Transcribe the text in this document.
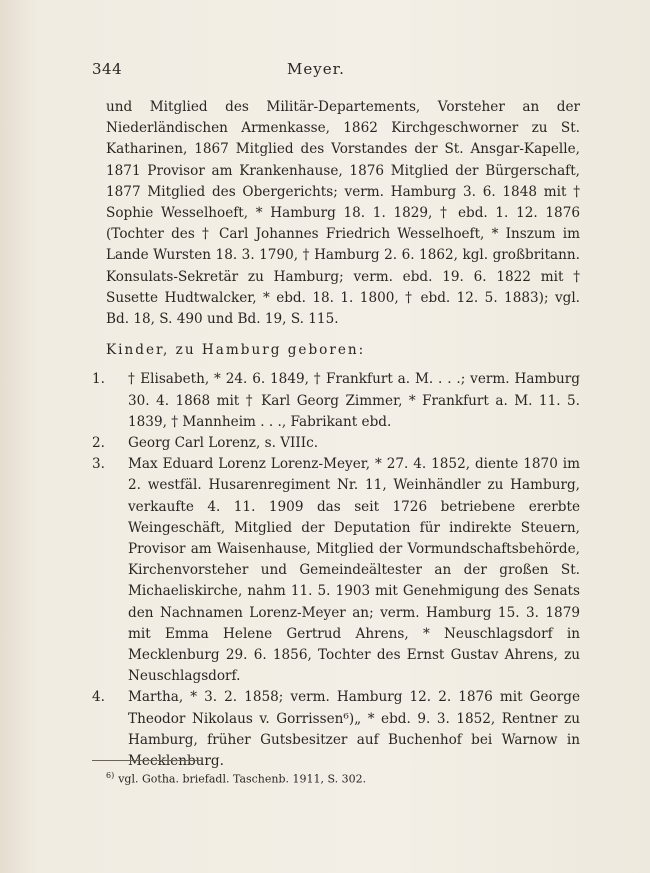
344	Meyer.

und Mitglied des Militär-Departements, Vorsteher an der Niederländischen Armenkasse, 1862 Kirchgeschworner zu St. Katharinen, 1867 Mitglied des Vorstandes der St. Ansgar-Kapelle, 1871 Provisor am Krankenhause, 1876 Mitglied der Bürgerschaft, 1877 Mitglied des Obergerichts; verm. Hamburg 3. 6. 1848 mit † Sophie Wesselhoeft, * Hamburg 18. 1. 1829, † ebd. 1. 12. 1876 (Tochter des † Carl Johannes Friedrich Wesselhoeft, * Inszum im Lande Wursten 18. 3. 1790, † Hamburg 2. 6. 1862, kgl. großbritann. Konsulats-Sekretär zu Hamburg; verm. ebd. 19. 6. 1822 mit † Susette Hudtwalcker, * ebd. 18. 1. 1800, † ebd. 12. 5. 1883); vgl. Bd. 18, S. 490 und Bd. 19, S. 115.

Kinder, zu Hamburg geboren:

1. † Elisabeth, * 24. 6. 1849, † Frankfurt a. M. . . .; verm. Hamburg 30. 4. 1868 mit † Karl Georg Zimmer, * Frankfurt a. M. 11. 5. 1839, † Mannheim . . ., Fabrikant ebd.
2. Georg Carl Lorenz, s. VIIIc.
3. Max Eduard Lorenz Lorenz-Meyer, * 27. 4. 1852, diente 1870 im 2. westfäl. Husarenregiment Nr. 11, Weinhändler zu Hamburg, verkaufte 4. 11. 1909 das seit 1726 betriebene ererbte Weingeschäft, Mitglied der Deputation für indirekte Steuern, Provisor am Waisenhause, Mitglied der Vormundschaftsbehörde, Kirchenvorsteher und Gemeindeältester an der großen St. Michaeliskirche, nahm 11. 5. 1903 mit Genehmigung des Senats den Nachnamen Lorenz-Meyer an; verm. Hamburg 15. 3. 1879 mit Emma Helene Gertrud Ahrens, * Neuschlagsdorf in Mecklenburg 29. 6. 1856, Tochter des Ernst Gustav Ahrens, zu Neuschlagsdorf.
4. Martha, * 3. 2. 1858; verm. Hamburg 12. 2. 1876 mit George Theodor Nikolaus v. Gorrissen⁶)„ * ebd. 9. 3. 1852, Rentner zu Hamburg, früher Gutsbesitzer auf Buchenhof bei Warnow in Mecklenburg.
$^{6)}$ vgl. Gotha. briefadl. Taschenb. 1911, S. 302.
